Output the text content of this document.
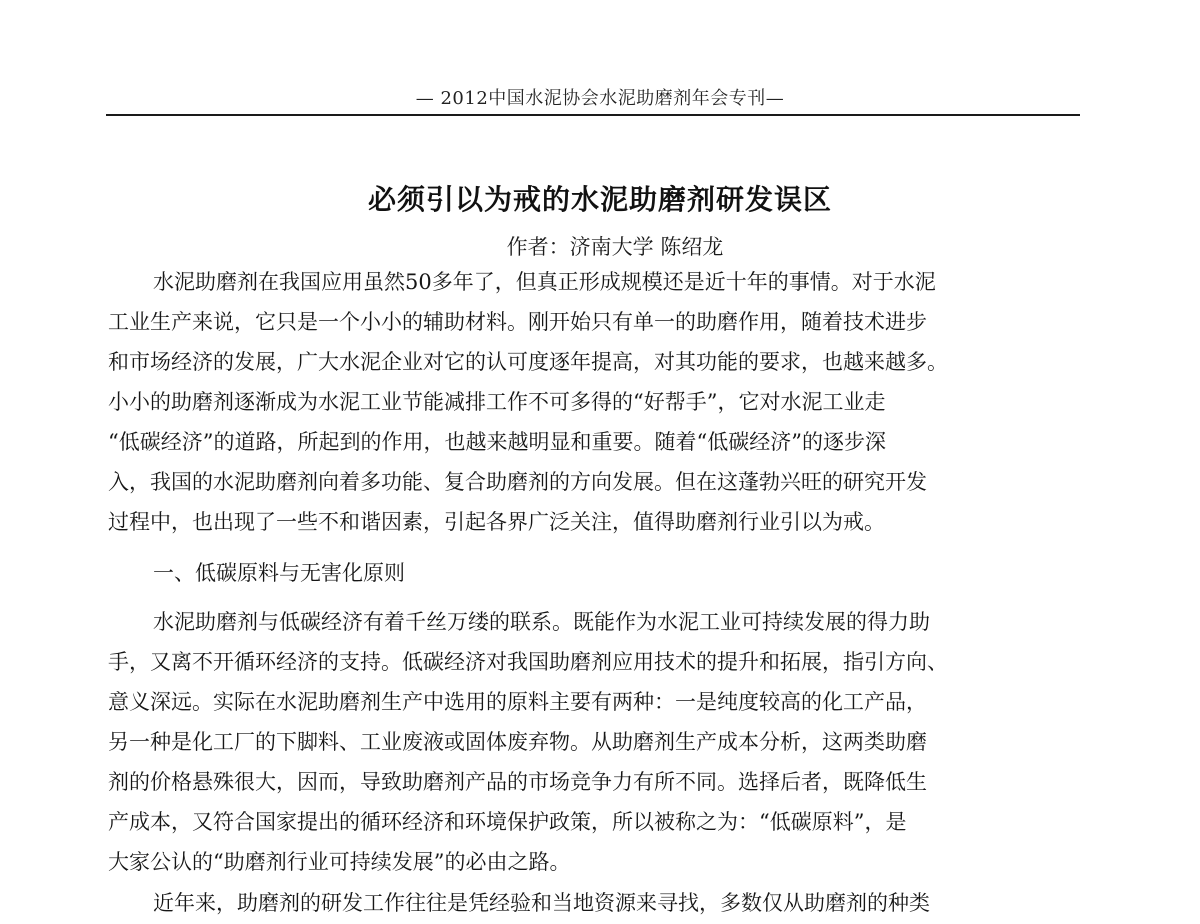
— 2012中国水泥协会水泥助磨剂年会专刊—
必须引以为戒的水泥助磨剂研发误区
作者：济南大学 陈绍龙
水泥助磨剂在我国应用虽然50多年了，但真正形成规模还是近十年的事情。对于水泥
工业生产来说，它只是一个小小的辅助材料。刚开始只有单一的助磨作用，随着技术进步
和市场经济的发展，广大水泥企业对它的认可度逐年提高，对其功能的要求，也越来越多。
小小的助磨剂逐渐成为水泥工业节能减排工作不可多得的“好帮手”，它对水泥工业走
“低碳经济”的道路，所起到的作用，也越来越明显和重要。随着“低碳经济”的逐步深
入，我国的水泥助磨剂向着多功能、复合助磨剂的方向发展。但在这蓬勃兴旺的研究开发
过程中，也出现了一些不和谐因素，引起各界广泛关注，值得助磨剂行业引以为戒。
一、低碳原料与无害化原则
水泥助磨剂与低碳经济有着千丝万缕的联系。既能作为水泥工业可持续发展的得力助
手，又离不开循环经济的支持。低碳经济对我国助磨剂应用技术的提升和拓展，指引方向、
意义深远。实际在水泥助磨剂生产中选用的原料主要有两种：一是纯度较高的化工产品，
另一种是化工厂的下脚料、工业废液或固体废弃物。从助磨剂生产成本分析，这两类助磨
剂的价格悬殊很大，因而，导致助磨剂产品的市场竞争力有所不同。选择后者，既降低生
产成本，又符合国家提出的循环经济和环境保护政策，所以被称之为：“低碳原料”，是
大家公认的“助磨剂行业可持续发展”的必由之路。
近年来，助磨剂的研发工作往往是凭经验和当地资源来寻找，多数仅从助磨剂的种类
